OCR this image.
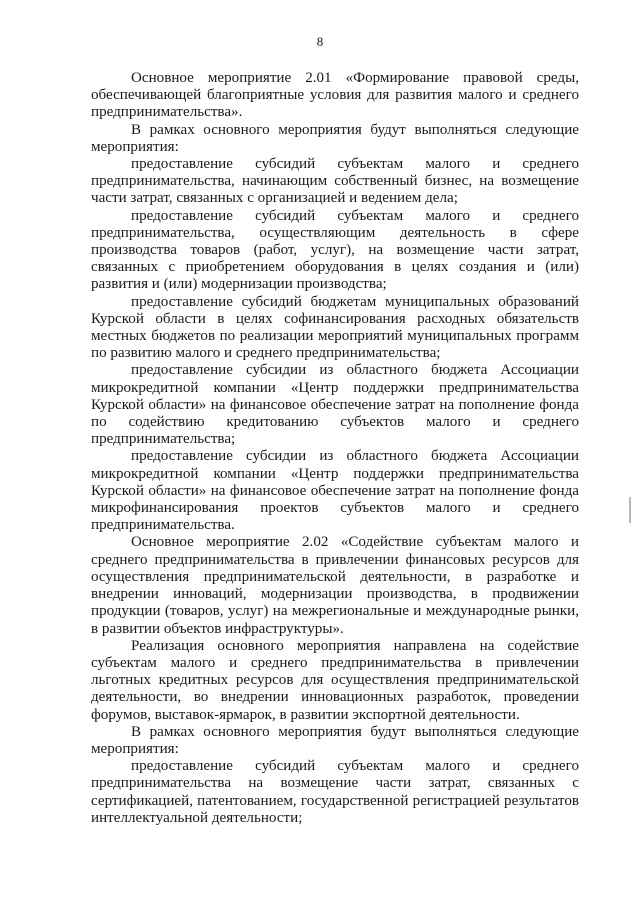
8

Основное мероприятие 2.01 «Формирование правовой среды, обеспечивающей благоприятные условия для развития малого и среднего предпринимательства».

В рамках основного мероприятия будут выполняться следующие мероприятия:

предоставление субсидий субъектам малого и среднего предпринимательства, начинающим собственный бизнес, на возмещение части затрат, связанных с организацией и ведением дела;

предоставление субсидий субъектам малого и среднего предпринимательства, осуществляющим деятельность в сфере производства товаров (работ, услуг), на возмещение части затрат, связанных с приобретением оборудования в целях создания и (или) развития и (или) модернизации производства;

предоставление субсидий бюджетам муниципальных образований Курской области в целях софинансирования расходных обязательств местных бюджетов по реализации мероприятий муниципальных программ по развитию малого и среднего предпринимательства;

предоставление субсидии из областного бюджета Ассоциации микрокредитной компании «Центр поддержки предпринимательства Курской области» на финансовое обеспечение затрат на пополнение фонда по содействию кредитованию субъектов малого и среднего предпринимательства;

предоставление субсидии из областного бюджета Ассоциации микрокредитной компании «Центр поддержки предпринимательства Курской области» на финансовое обеспечение затрат на пополнение фонда микрофинансирования проектов субъектов малого и среднего предпринимательства.

Основное мероприятие 2.02 «Содействие субъектам малого и среднего предпринимательства в привлечении финансовых ресурсов для осуществления предпринимательской деятельности, в разработке и внедрении инноваций, модернизации производства, в продвижении продукции (товаров, услуг) на межрегиональные и международные рынки, в развитии объектов инфраструктуры».

Реализация основного мероприятия направлена на содействие субъектам малого и среднего предпринимательства в привлечении льготных кредитных ресурсов для осуществления предпринимательской деятельности, во внедрении инновационных разработок, проведении форумов, выставок-ярмарок, в развитии экспортной деятельности.

В рамках основного мероприятия будут выполняться следующие мероприятия:

предоставление субсидий субъектам малого и среднего предпринимательства на возмещение части затрат, связанных с сертификацией, патентованием, государственной регистрацией результатов интеллектуальной деятельности;
